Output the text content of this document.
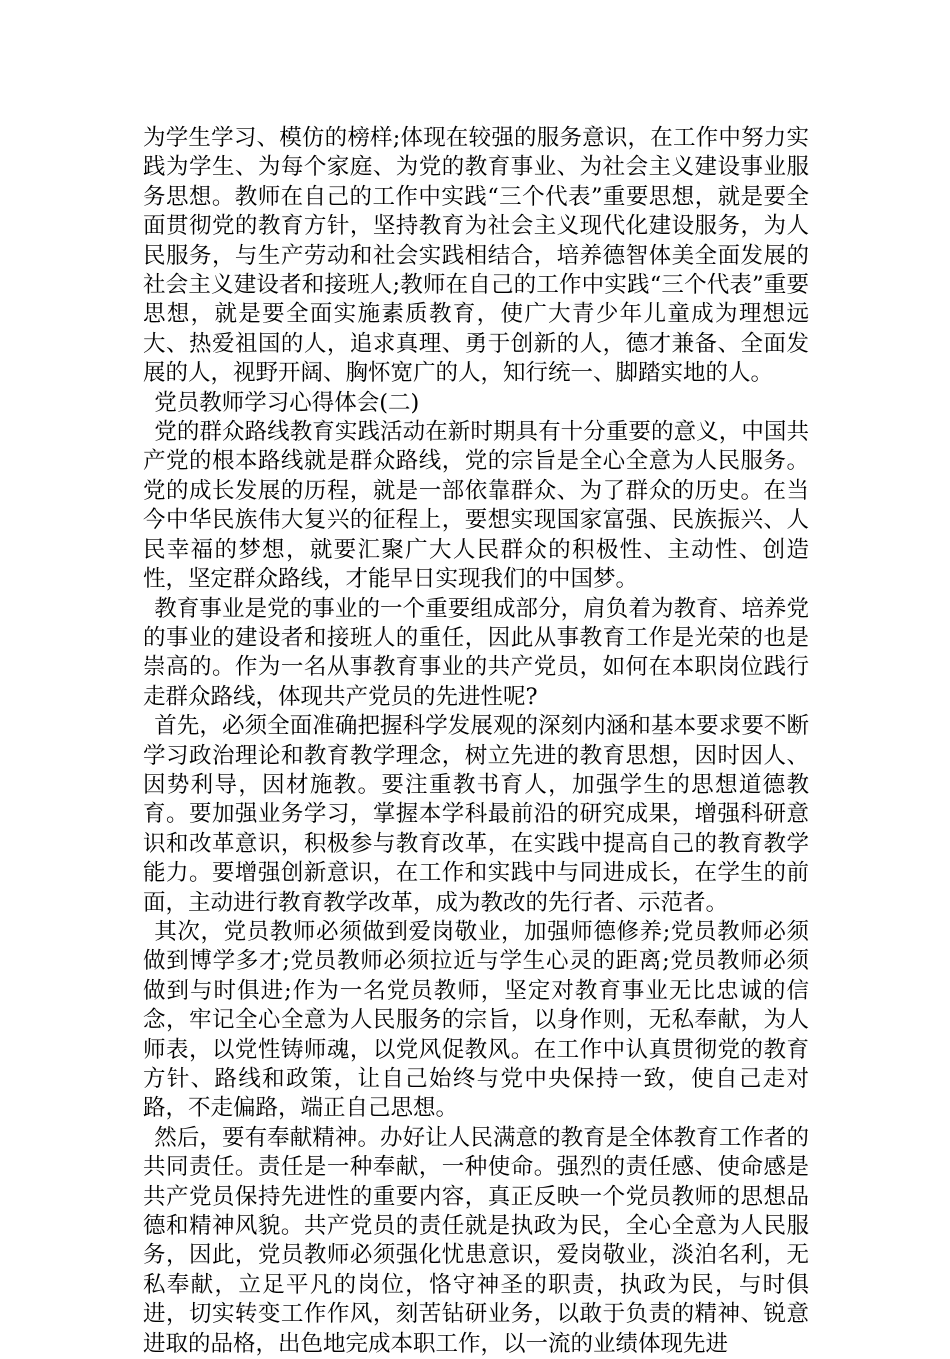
为学生学习、模仿的榜样;体现在较强的服务意识，在工作中努力实践为学生、为每个家庭、为党的教育事业、为社会主义建设事业服务思想。教师在自己的工作中实践“三个代表”重要思想，就是要全面贯彻党的教育方针，坚持教育为社会主义现代化建设服务，为人民服务，与生产劳动和社会实践相结合，培养德智体美全面发展的社会主义建设者和接班人;教师在自己的工作中实践“三个代表”重要思想，就是要全面实施素质教育，使广大青少年儿童成为理想远大、热爱祖国的人，追求真理、勇于创新的人，德才兼备、全面发展的人，视野开阔、胸怀宽广的人，知行统一、脚踏实地的人。

党员教师学习心得体会(二)

党的群众路线教育实践活动在新时期具有十分重要的意义，中国共产党的根本路线就是群众路线，党的宗旨是全心全意为人民服务。党的成长发展的历程，就是一部依靠群众、为了群众的历史。在当今中华民族伟大复兴的征程上，要想实现国家富强、民族振兴、人民幸福的梦想，就要汇聚广大人民群众的积极性、主动性、创造性，坚定群众路线，才能早日实现我们的中国梦。

教育事业是党的事业的一个重要组成部分，肩负着为教育、培养党的事业的建设者和接班人的重任，因此从事教育工作是光荣的也是崇高的。作为一名从事教育事业的共产党员，如何在本职岗位践行走群众路线，体现共产党员的先进性呢?

首先，必须全面准确把握科学发展观的深刻内涵和基本要求要不断学习政治理论和教育教学理念，树立先进的教育思想，因时因人、因势利导，因材施教。要注重教书育人，加强学生的思想道德教育。要加强业务学习，掌握本学科最前沿的研究成果，增强科研意识和改革意识，积极参与教育改革，在实践中提高自己的教育教学能力。要增强创新意识，在工作和实践中与同进成长，在学生的前面，主动进行教育教学改革，成为教改的先行者、示范者。

其次，党员教师必须做到爱岗敬业，加强师德修养;党员教师必须做到博学多才;党员教师必须拉近与学生心灵的距离;党员教师必须做到与时俱进;作为一名党员教师，坚定对教育事业无比忠诚的信念，牢记全心全意为人民服务的宗旨，以身作则，无私奉献，为人师表，以党性铸师魂，以党风促教风。在工作中认真贯彻党的教育方针、路线和政策，让自己始终与党中央保持一致，使自己走对路，不走偏路，端正自己思想。

然后，要有奉献精神。办好让人民满意的教育是全体教育工作者的共同责任。责任是一种奉献，一种使命。强烈的责任感、使命感是共产党员保持先进性的重要内容，真正反映一个党员教师的思想品德和精神风貌。共产党员的责任就是执政为民，全心全意为人民服务，因此，党员教师必须强化忧患意识，爱岗敬业，淡泊名利，无私奉献，立足平凡的岗位，恪守神圣的职责，执政为民，与时俱进，切实转变工作作风，刻苦钻研业务，以敢于负责的精神、锐意进取的品格，出色地完成本职工作，以一流的业绩体现先进
